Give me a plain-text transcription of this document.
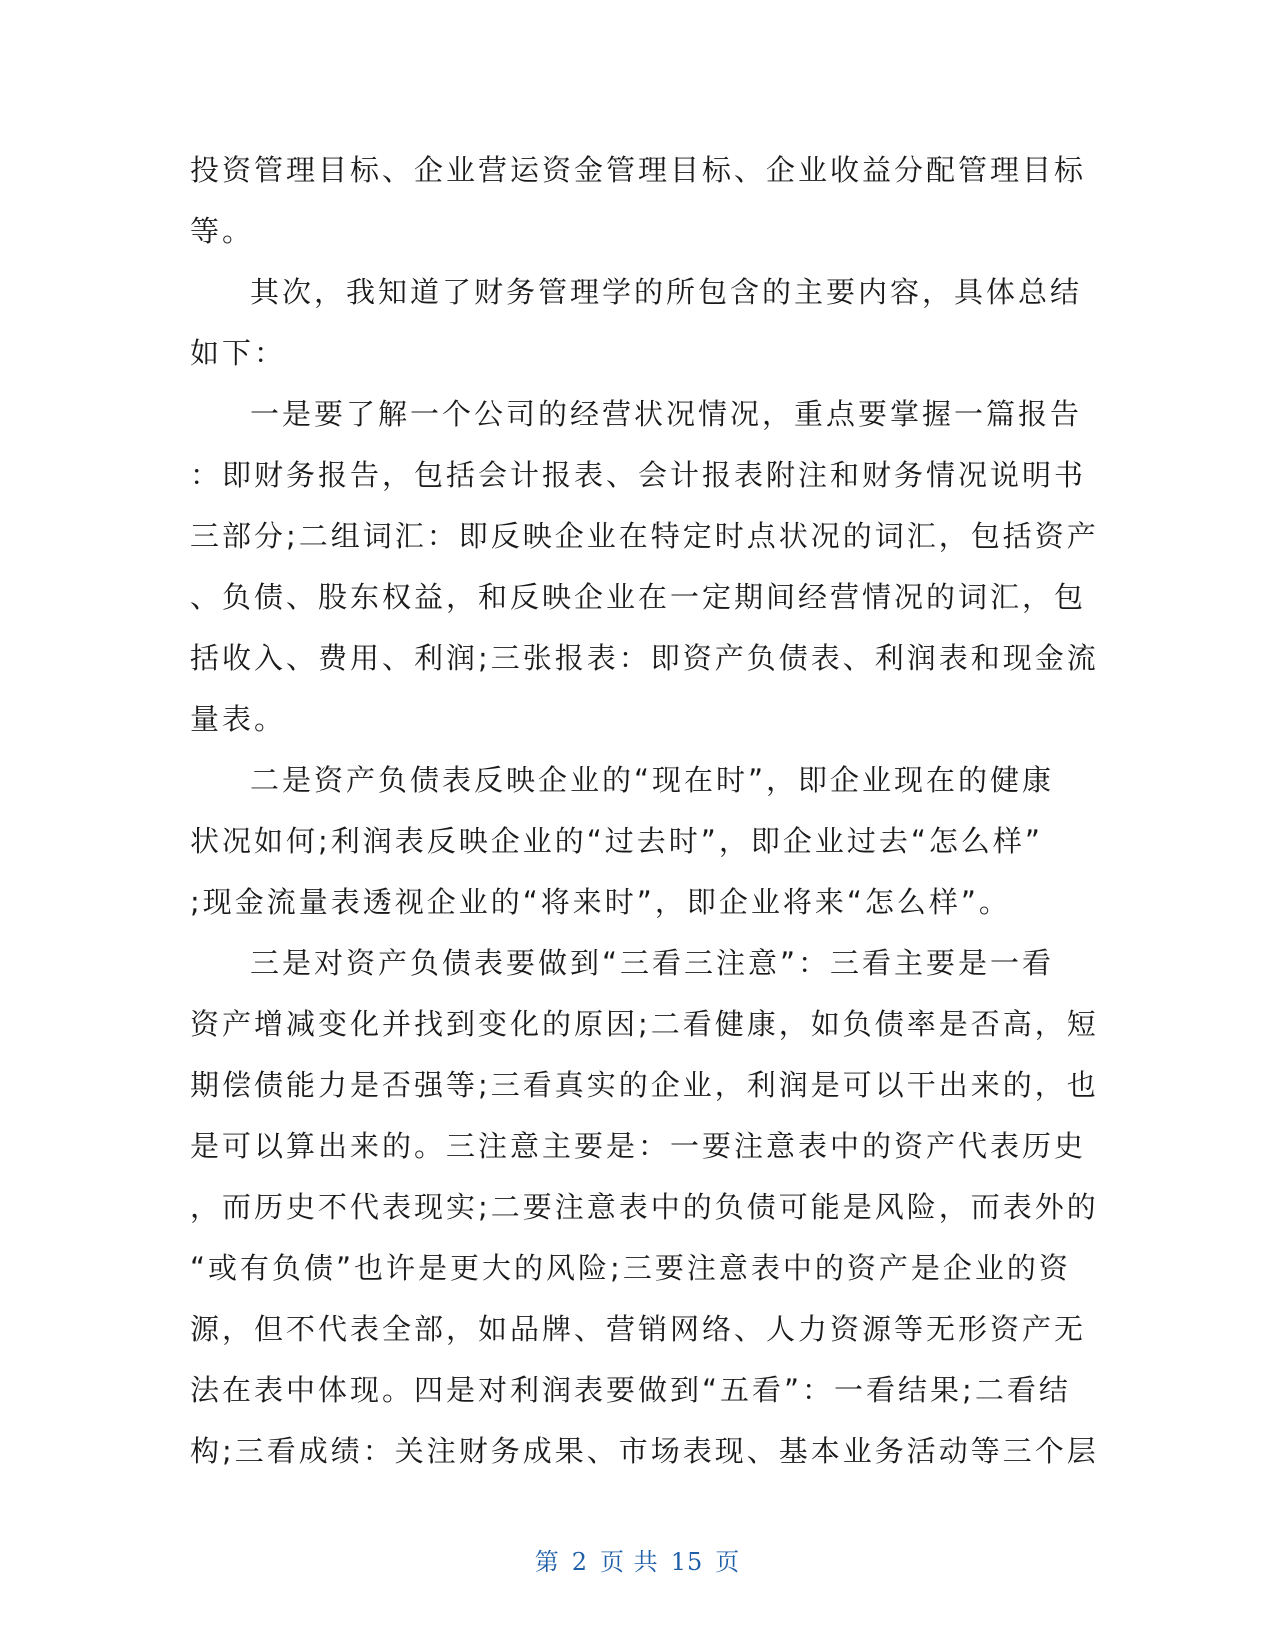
投资管理目标、企业营运资金管理目标、企业收益分配管理目标
等。

其次，我知道了财务管理学的所包含的主要内容，具体总结
如下：

一是要了解一个公司的经营状况情况，重点要掌握一篇报告
：即财务报告，包括会计报表、会计报表附注和财务情况说明书
三部分;二组词汇：即反映企业在特定时点状况的词汇，包括资产
、负债、股东权益，和反映企业在一定期间经营情况的词汇，包
括收入、费用、利润;三张报表：即资产负债表、利润表和现金流
量表。

二是资产负债表反映企业的“现在时”，即企业现在的健康
状况如何;利润表反映企业的“过去时”，即企业过去“怎么样”
;现金流量表透视企业的“将来时”，即企业将来“怎么样”。

三是对资产负债表要做到“三看三注意”：三看主要是一看
资产增减变化并找到变化的原因;二看健康，如负债率是否高，短
期偿债能力是否强等;三看真实的企业，利润是可以干出来的，也
是可以算出来的。三注意主要是：一要注意表中的资产代表历史
，而历史不代表现实;二要注意表中的负债可能是风险，而表外的
“或有负债”也许是更大的风险;三要注意表中的资产是企业的资
源，但不代表全部，如品牌、营销网络、人力资源等无形资产无
法在表中体现。四是对利润表要做到“五看”：一看结果;二看结
构;三看成绩：关注财务成果、市场表现、基本业务活动等三个层

第 2 页 共 15 页
